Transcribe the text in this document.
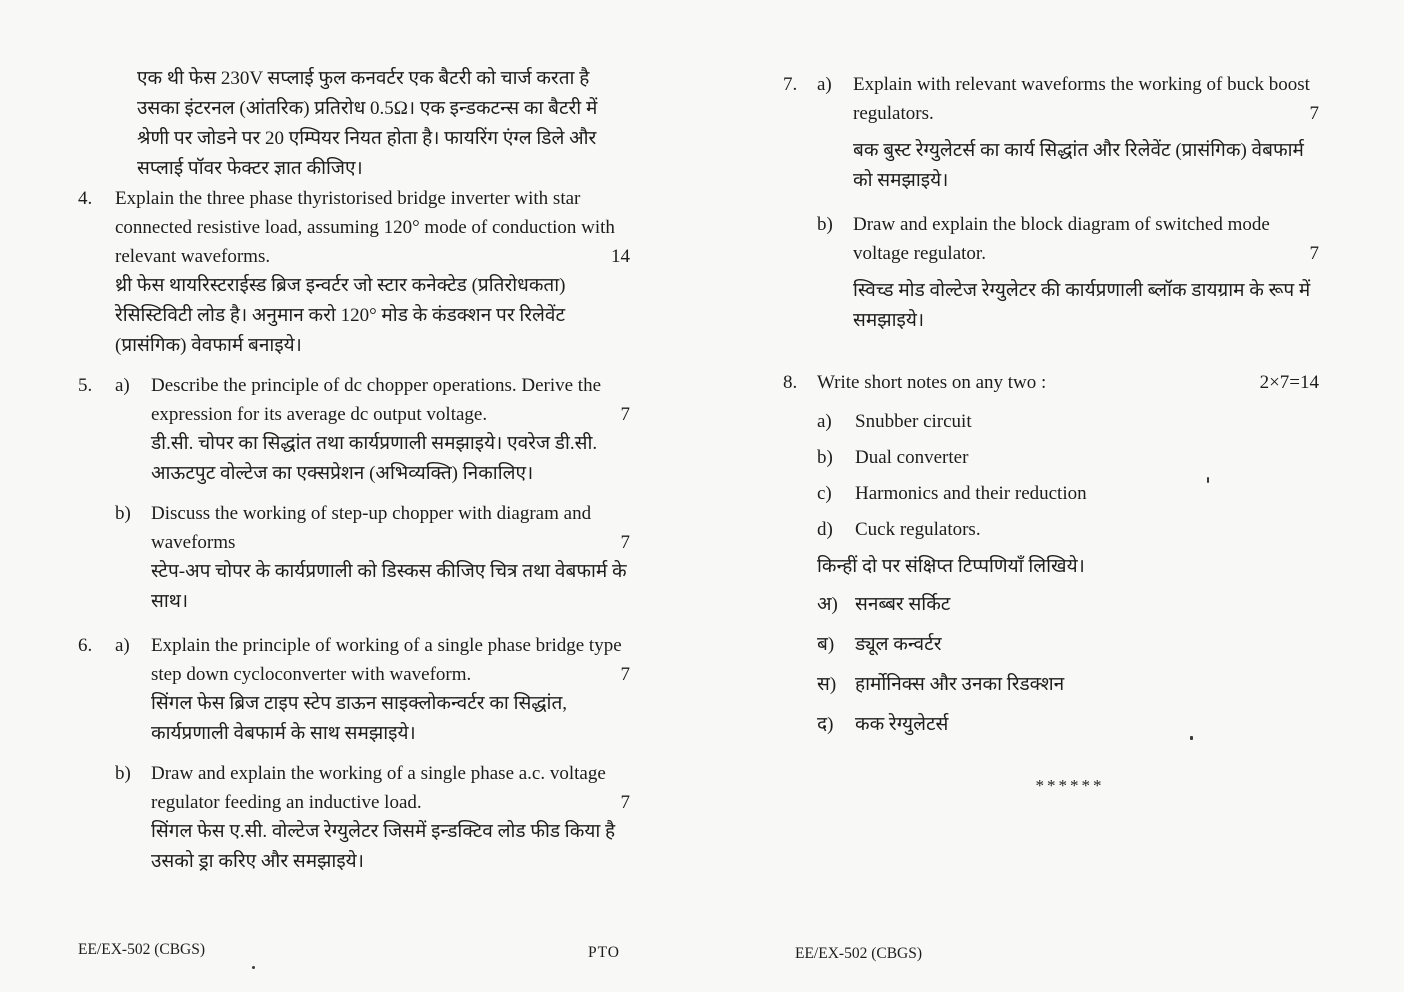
एक थी फेस 230V सप्लाई फुल कनवर्टर एक बैटरी को चार्ज करता है उसका इंटरनल (आंतरिक) प्रतिरोध 0.5Ω। एक इन्डकटन्स का बैटरी में श्रेणी पर जोडने पर 20 एम्पियर नियत होता है। फायरिंग एंग्ल डिले और सप्लाई पॉवर फेक्टर ज्ञात कीजिए।

4.	Explain the three phase thyristorised bridge inverter with star connected resistive load, assuming 120° mode of conduction with relevant waveforms.	14

थ्री फेस थायरिस्टराईस्ड ब्रिज इन्वर्टर जो स्टार कनेक्टेड (प्रतिरोधकता) रेसिस्टिविटी लोड है। अनुमान करो 120° मोड के कंडक्शन पर रिलेवेंट (प्रासंगिक) वेवफार्म बनाइये।

5.	a)	Describe the principle of dc chopper operations. Derive the expression for its average dc output voltage.	7

डी.सी. चोपर का सिद्धांत तथा कार्यप्रणाली समझाइये। एवरेज डी.सी. आऊटपुट वोल्टेज का एक्सप्रेशन (अभिव्यक्ति) निकालिए।

b)	Discuss the working of step-up chopper with diagram and waveforms	7

स्टेप-अप चोपर के कार्यप्रणाली को डिस्कस कीजिए चित्र तथा वेबफार्म के साथ।

6.	a)	Explain the principle of working of a single phase bridge type step down cycloconverter with waveform.	7

सिंगल फेस ब्रिज टाइप स्टेप डाऊन साइक्लोकन्वर्टर का सिद्धांत, कार्यप्रणाली वेबफार्म के साथ समझाइये।

b)	Draw and explain the working of a single phase a.c. voltage regulator feeding an inductive load.	7

सिंगल फेस ए.सी. वोल्टेज रेग्युलेटर जिसमें इन्डक्टिव लोड फीड किया है उसको ड्रा करिए और समझाइये।

7.	a)	Explain with relevant waveforms the working of buck boost regulators.	7

बक बुस्ट रेग्युलेटर्स का कार्य सिद्धांत और रिलेवेंट (प्रासंगिक) वेबफार्म को समझाइये।

b)	Draw and explain the block diagram of switched mode voltage regulator.	7

स्विच्ड मोड वोल्टेज रेग्युलेटर की कार्यप्रणाली ब्लॉक डायग्राम के रूप में समझाइये।

8.	Write short notes on any two :	2×7=14

a)	Snubber circuit

b)	Dual converter

c)	Harmonics and their reduction

d)	Cuck regulators.

किन्हीं दो पर संक्षिप्त टिप्पणियाँ लिखिये।

अ) सनब्बर सर्किट

ब)	ड्यूल कन्वर्टर

स) हार्मोनिक्स और उनका रिडक्शन

द)	कक रेग्युलेटर्स

******

EE/EX-502 (CBGS)	PTO	EE/EX-502 (CBGS)
